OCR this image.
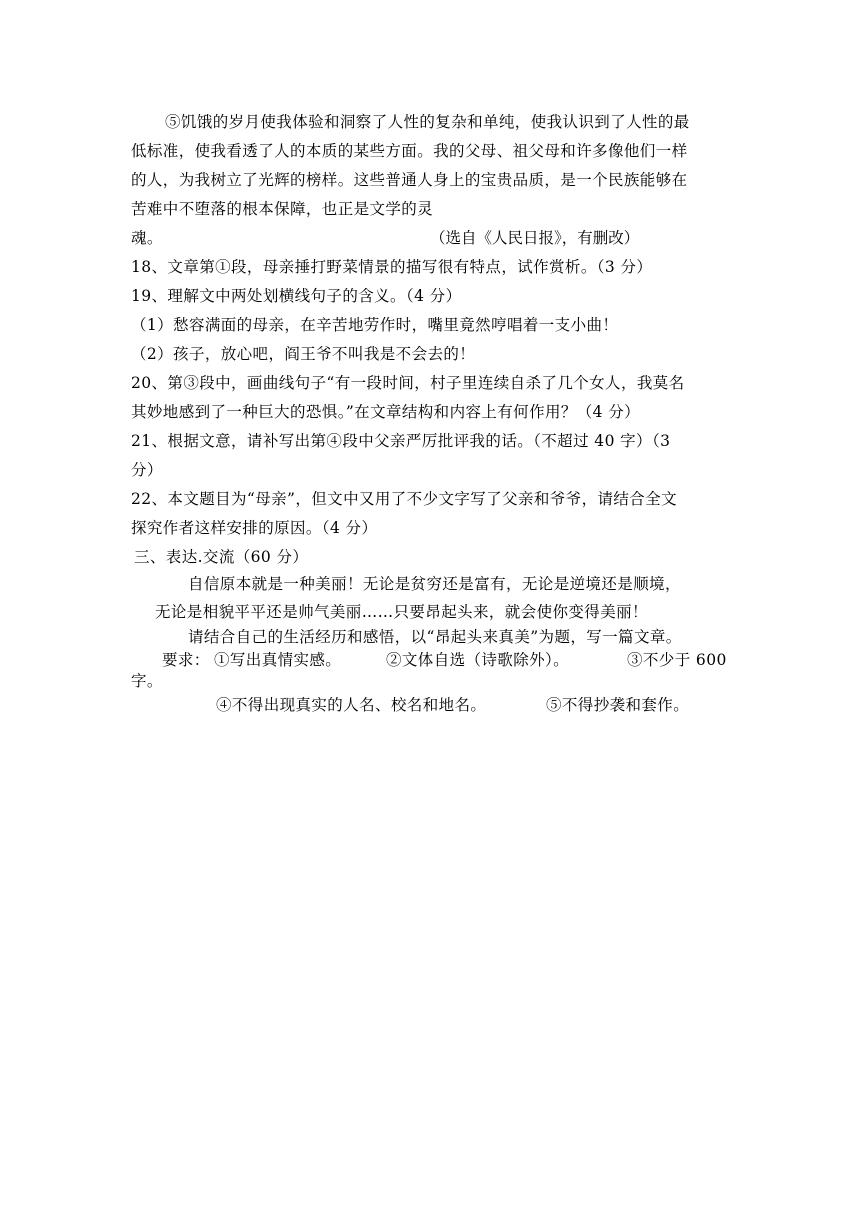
⑤饥饿的岁月使我体验和洞察了人性的复杂和单纯，使我认识到了人性的最
低标准，使我看透了人的本质的某些方面。我的父母、祖父母和许多像他们一样
的人，为我树立了光辉的榜样。这些普通人身上的宝贵品质，是一个民族能够在
苦难中不堕落的根本保障，也正是文学的灵
魂。	（选自《人民日报》，有删改）
18、文章第①段，母亲捶打野菜情景的描写很有特点，试作赏析。（3 分）
19、理解文中两处划横线句子的含义。（4 分）
（1）愁容满面的母亲，在辛苦地劳作时，嘴里竟然哼唱着一支小曲！
（2）孩子，放心吧，阎王爷不叫我是不会去的！
20、第③段中，画曲线句子“有一段时间，村子里连续自杀了几个女人，我莫名
其妙地感到了一种巨大的恐惧。”在文章结构和内容上有何作用？（4 分）
21、根据文意，请补写出第④段中父亲严厉批评我的话。（不超过 40 字）（3
分）
22、本文题目为“母亲”，但文中又用了不少文字写了父亲和爷爷，请结合全文
探究作者这样安排的原因。（4 分）
三、表达.交流（60 分）
自信原本就是一种美丽！无论是贫穷还是富有，无论是逆境还是顺境，
无论是相貌平平还是帅气美丽……只要昂起头来，就会使你变得美丽！
请结合自己的生活经历和感悟，以“昂起头来真美”为题，写一篇文章。
要求： ①写出真情实感。	②文体自选（诗歌除外）。	③不少于 600
字。
④不得出现真实的人名、校名和地名。	⑤不得抄袭和套作。
